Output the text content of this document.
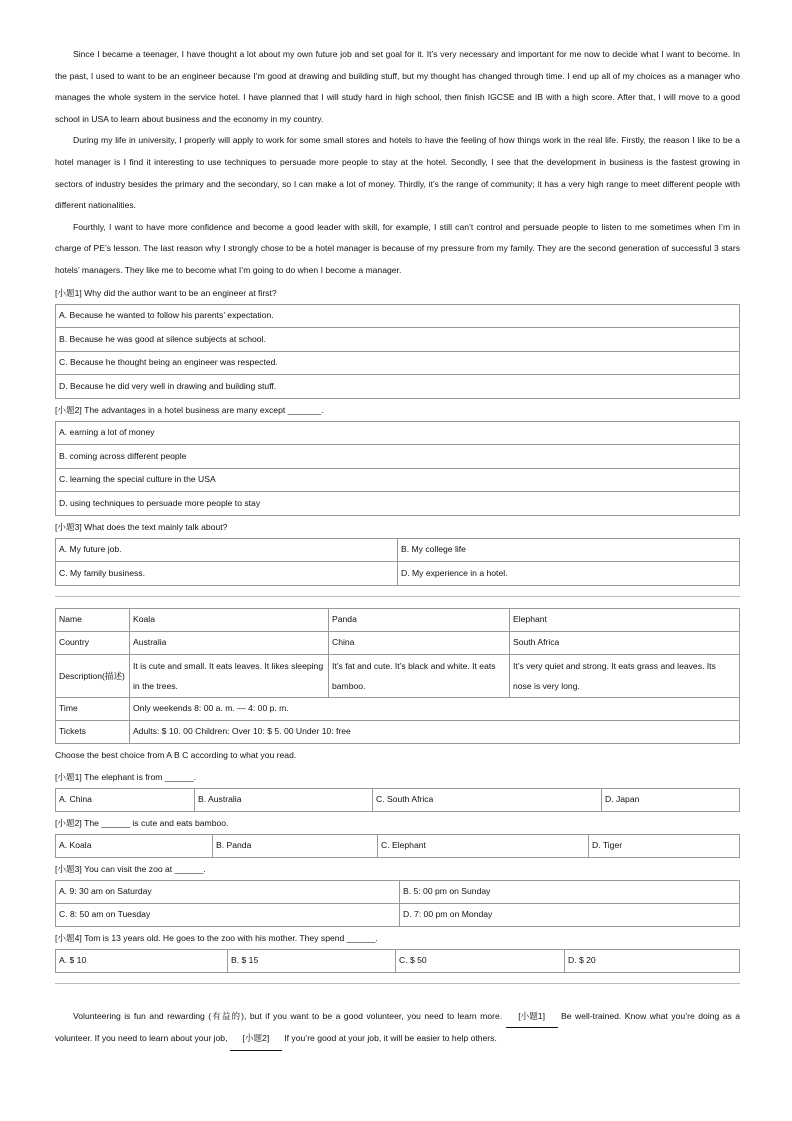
Since I became a teenager, I have thought a lot about my own future job and set goal for it. It’s very necessary and important for me now to decide what I want to become. In the past, I used to want to be an engineer because I’m good at drawing and building stuff, but my thought has changed through time. I end up all of my choices as a manager who manages the whole system in the service hotel. I have planned that I will study hard in high school, then finish IGCSE and IB with a high score. After that, I will move to a good school in USA to learn about business and the economy in my country.

During my life in university, I properly will apply to work for some small stores and hotels to have the feeling of how things work in the real life. Firstly, the reason I like to be a hotel manager is I find it interesting to use techniques to persuade more people to stay at the hotel. Secondly, I see that the development in business is the fastest growing in sectors of industry besides the primary and the secondary, so I can make a lot of money. Thirdly, it’s the range of community; it has a very high range to meet different people with different nationalities.

Fourthly, I want to have more confidence and become a good leader with skill, for example, I still can’t control and persuade people to listen to me sometimes when I’m in charge of PE’s lesson. The last reason why I strongly chose to be a hotel manager is because of my pressure from my family. They are the second generation of successful 3 stars hotels’ managers. They like me to become what I’m going to do when I become a manager.

[小题1] Why did the author want to be an engineer at first?

A. Because he wanted to follow his parents’ expectation.
B. Because he was good at silence subjects at school.
C. Because he thought being an engineer was respected.
D. Because he did very well in drawing and building stuff.

[小题2] The advantages in a hotel business are many except _______.

A. earning a lot of money
B. coming across different people
C. learning the special culture in the USA
D. using techniques to persuade more people to stay

[小题3] What does the text mainly talk about?

A. My future job.	B. My college life
C. My family business.	D. My experience in a hotel.
Name	Koala	Panda	Elephant
Country	Australia	China	South Africa
Description(描述)	It is cute and small. It eats leaves. It likes sleeping in the trees.	It’s fat and cute. It’s black and white. It eats bamboo.	It’s very quiet and strong. It eats grass and leaves. Its nose is very long.
Time	Only weekends 8: 00 a. m. — 4: 00 p. m.		
Tickets	Adults: $ 10. 00 Children: Over 10: $ 5. 00 Under 10: free		

Choose the best choice from A B C according to what you read.

[小题1] The elephant is from ______.

A. China	B. Australia	C. South Africa	D. Japan

[小题2] The ______ is cute and eats bamboo.

A. Koala	B. Panda	C. Elephant	D. Tiger

[小题3] You can visit the zoo at ______.

A. 9: 30 am on Saturday	B. 5: 00 pm on Sunday
C. 8: 50 am on Tuesday	D. 7: 00 pm on Monday

[小题4] Tom is 13 years old. He goes to the zoo with his mother. They spend ______.

A. $ 10	B. $ 15	C. $ 50	D. $ 20

Volunteering is fun and rewarding (有益的), but if you want to be a good volunteer, you need to learn more. [小题1] Be well-trained. Know what you’re doing as a volunteer. If you need to learn about your job, [小题2] If you’re good at your job, it will be easier to help others.
